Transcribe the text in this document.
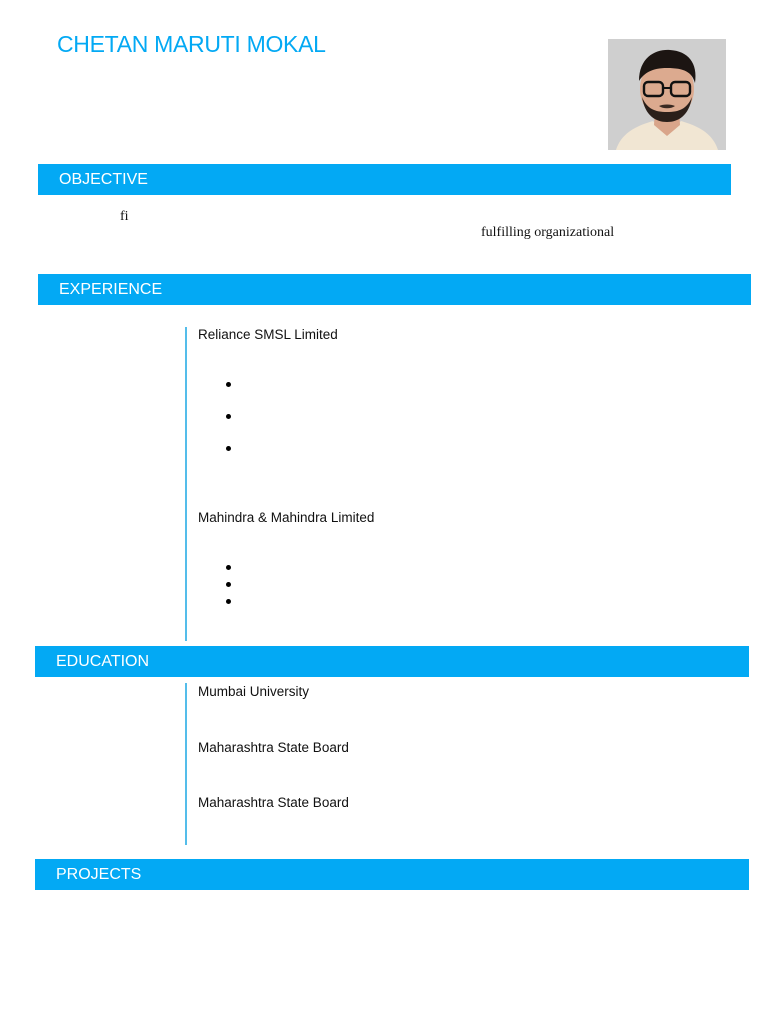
CHETAN MARUTI MOKAL
OBJECTIVE
fi
fulfilling organizational
EXPERIENCE
Reliance SMSL Limited
Mahindra & Mahindra Limited
EDUCATION
Mumbai University
Maharashtra State Board
Maharashtra State Board
PROJECTS
